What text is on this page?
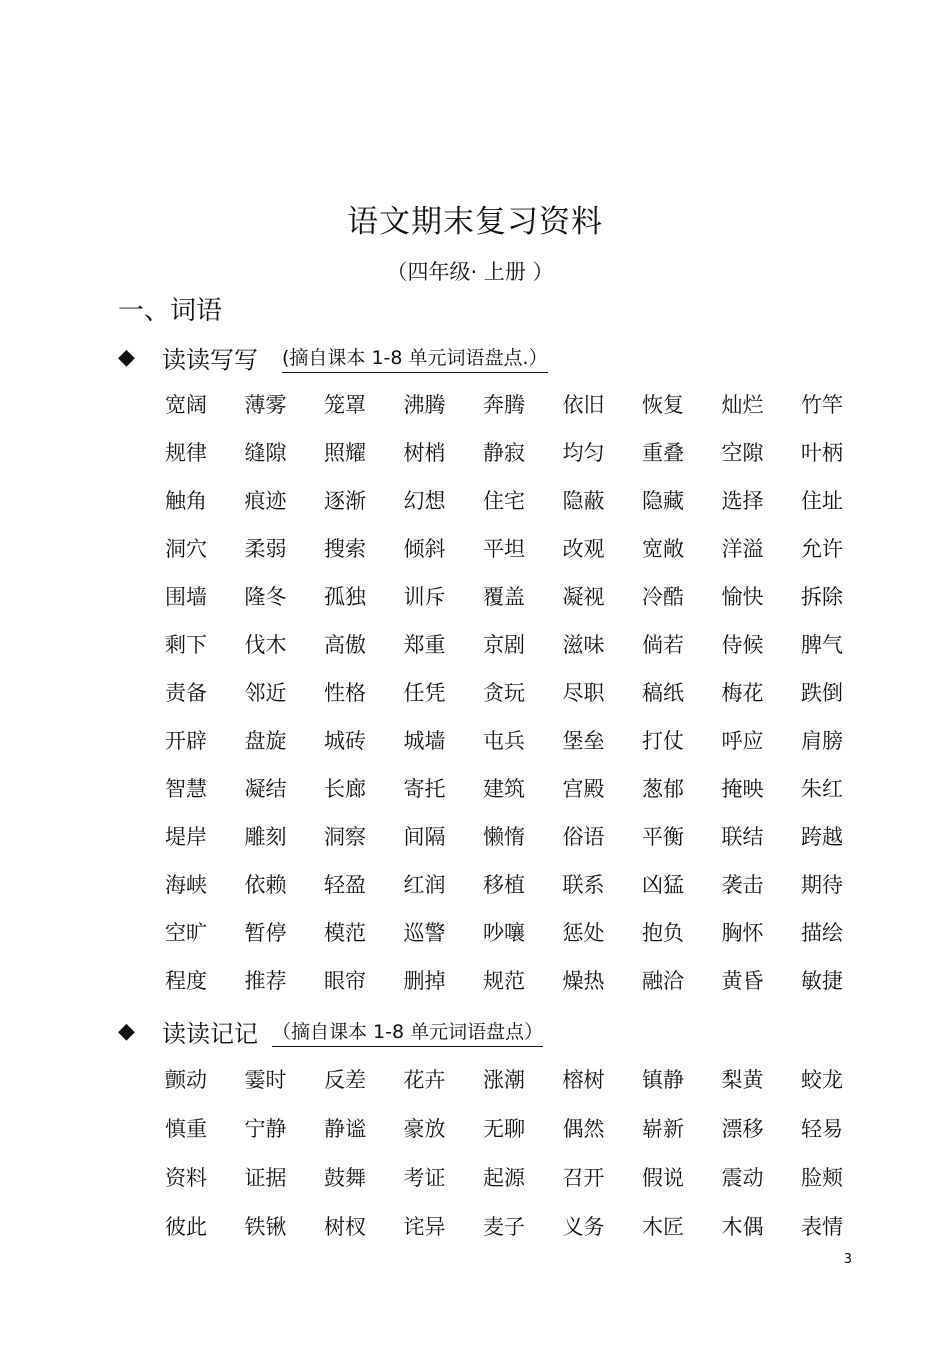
语文期末复习资料
（四年级· 上册 ）
一、词语
◆	读读写写 (摘自课本 1-8 单元词语盘点.）
宽阔	薄雾	笼罩	沸腾	奔腾	依旧	恢复	灿烂	竹竿
规律	缝隙	照耀	树梢	静寂	均匀	重叠	空隙	叶柄
触角	痕迹	逐渐	幻想	住宅	隐蔽	隐藏	选择	住址
洞穴	柔弱	搜索	倾斜	平坦	改观	宽敞	洋溢	允许
围墙	隆冬	孤独	训斥	覆盖	凝视	冷酷	愉快	拆除
剩下	伐木	高傲	郑重	京剧	滋味	倘若	侍候	脾气
责备	邻近	性格	任凭	贪玩	尽职	稿纸	梅花	跌倒
开辟	盘旋	城砖	城墙	屯兵	堡垒	打仗	呼应	肩膀
智慧	凝结	长廊	寄托	建筑	宫殿	葱郁	掩映	朱红
堤岸	雕刻	洞察	间隔	懒惰	俗语	平衡	联结	跨越
海峡	依赖	轻盈	红润	移植	联系	凶猛	袭击	期待
空旷	暂停	模范	巡警	吵嚷	惩处	抱负	胸怀	描绘
程度	推荐	眼帘	删掉	规范	燥热	融洽	黄昏	敏捷
◆	读读记记 （摘自课本 1-8 单元词语盘点）
颤动	霎时	反差	花卉	涨潮	榕树	镇静	梨黄	蛟龙
慎重	宁静	静谧	豪放	无聊	偶然	崭新	漂移	轻易
资料	证据	鼓舞	考证	起源	召开	假说	震动	脸颊
彼此	铁锹	树杈	诧异	麦子	义务	木匠	木偶	表情
3
